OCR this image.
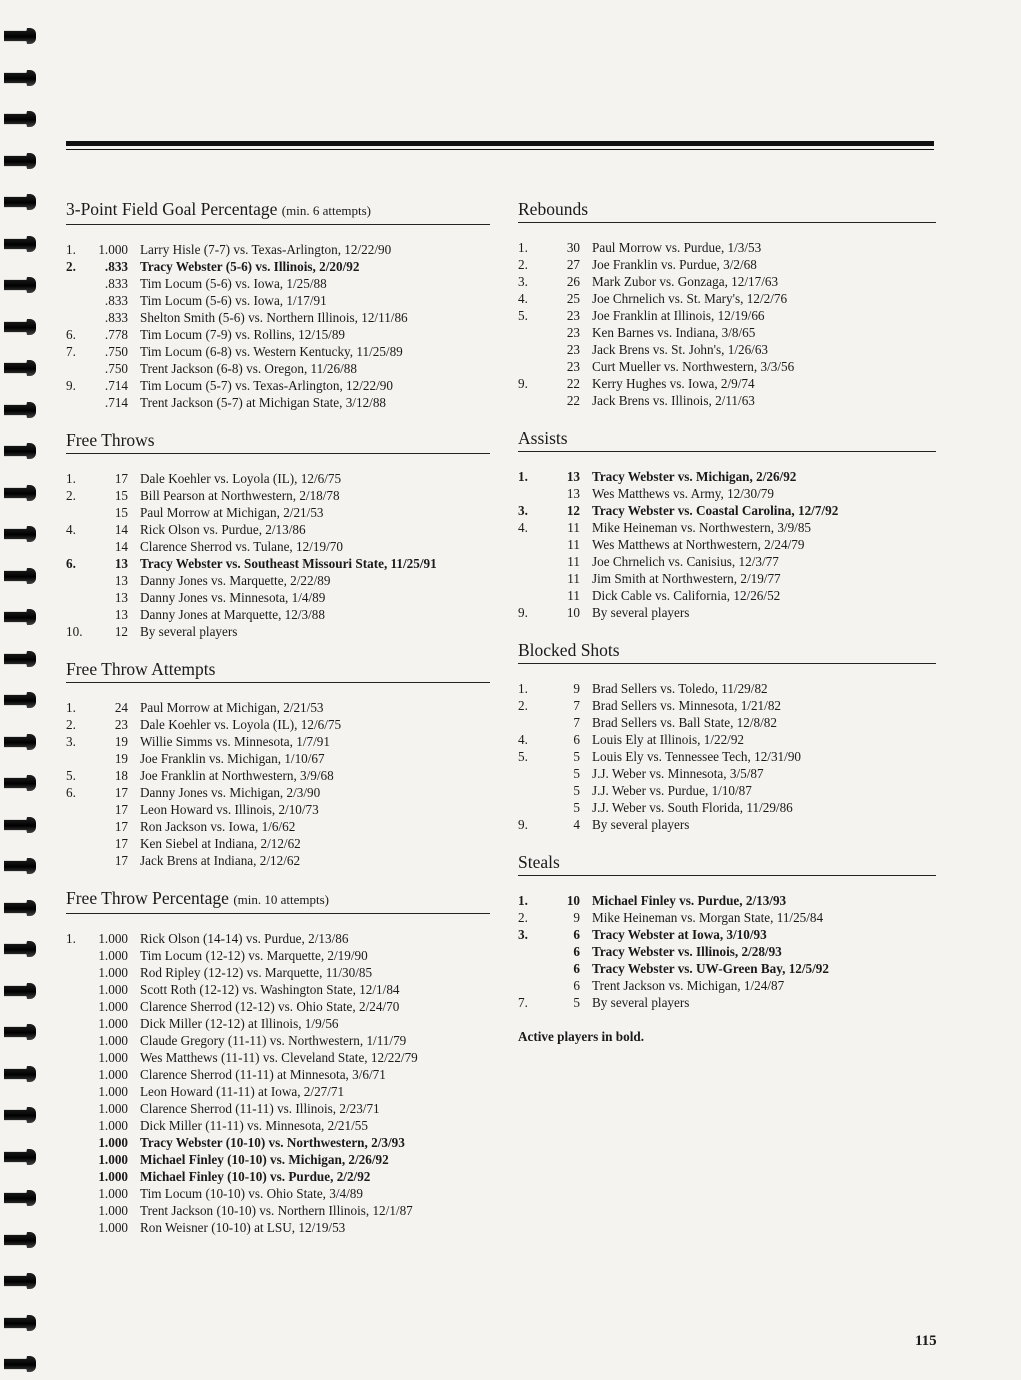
3-Point Field Goal Percentage (min. 6 attempts)
1.	1.000 Larry Hisle (7-7) vs. Texas-Arlington, 12/22/90
2.	.833 Tracy Webster (5-6) vs. Illinois, 2/20/92
.833 Tim Locum (5-6) vs. Iowa, 1/25/88
.833 Tim Locum (5-6) vs. Iowa, 1/17/91
.833 Shelton Smith (5-6) vs. Northern Illinois, 12/11/86
6.	.778 Tim Locum (7-9) vs. Rollins, 12/15/89
7.	.750 Tim Locum (6-8) vs. Western Kentucky, 11/25/89
.750 Trent Jackson (6-8) vs. Oregon, 11/26/88
9.	.714 Tim Locum (5-7) vs. Texas-Arlington, 12/22/90
.714 Trent Jackson (5-7) at Michigan State, 3/12/88
Free Throws
1.	17 Dale Koehler vs. Loyola (IL), 12/6/75
2.	15 Bill Pearson at Northwestern, 2/18/78
15 Paul Morrow at Michigan, 2/21/53
4.	14 Rick Olson vs. Purdue, 2/13/86
14 Clarence Sherrod vs. Tulane, 12/19/70
6.	13 Tracy Webster vs. Southeast Missouri State, 11/25/91
13 Danny Jones vs. Marquette, 2/22/89
13 Danny Jones vs. Minnesota, 1/4/89
13 Danny Jones at Marquette, 12/3/88
10.	12 By several players
Free Throw Attempts
1.	24 Paul Morrow at Michigan, 2/21/53
2.	23 Dale Koehler vs. Loyola (IL), 12/6/75
3.	19 Willie Simms vs. Minnesota, 1/7/91
19 Joe Franklin vs. Michigan, 1/10/67
5.	18 Joe Franklin at Northwestern, 3/9/68
6.	17 Danny Jones vs. Michigan, 2/3/90
17 Leon Howard vs. Illinois, 2/10/73
17 Ron Jackson vs. Iowa, 1/6/62
17 Ken Siebel at Indiana, 2/12/62
17 Jack Brens at Indiana, 2/12/62
Free Throw Percentage (min. 10 attempts)
1.	1.000 Rick Olson (14-14) vs. Purdue, 2/13/86
1.000 Tim Locum (12-12) vs. Marquette, 2/19/90
1.000 Rod Ripley (12-12) vs. Marquette, 11/30/85
1.000 Scott Roth (12-12) vs. Washington State, 12/1/84
1.000 Clarence Sherrod (12-12) vs. Ohio State, 2/24/70
1.000 Dick Miller (12-12) at Illinois, 1/9/56
1.000 Claude Gregory (11-11) vs. Northwestern, 1/11/79
1.000 Wes Matthews (11-11) vs. Cleveland State, 12/22/79
1.000 Clarence Sherrod (11-11) at Minnesota, 3/6/71
1.000 Leon Howard (11-11) at Iowa, 2/27/71
1.000 Clarence Sherrod (11-11) vs. Illinois, 2/23/71
1.000 Dick Miller (11-11) vs. Minnesota, 2/21/55
1.000 Tracy Webster (10-10) vs. Northwestern, 2/3/93
1.000 Michael Finley (10-10) vs. Michigan, 2/26/92
1.000 Michael Finley (10-10) vs. Purdue, 2/2/92
1.000 Tim Locum (10-10) vs. Ohio State, 3/4/89
1.000 Trent Jackson (10-10) vs. Northern Illinois, 12/1/87
1.000 Ron Weisner (10-10) at LSU, 12/19/53
Rebounds
1.	30 Paul Morrow vs. Purdue, 1/3/53
2.	27 Joe Franklin vs. Purdue, 3/2/68
3.	26 Mark Zubor vs. Gonzaga, 12/17/63
4.	25 Joe Chrnelich vs. St. Mary's, 12/2/76
5.	23 Joe Franklin at Illinois, 12/19/66
23 Ken Barnes vs. Indiana, 3/8/65
23 Jack Brens vs. St. John's, 1/26/63
23 Curt Mueller vs. Northwestern, 3/3/56
9.	22 Kerry Hughes vs. Iowa, 2/9/74
22 Jack Brens vs. Illinois, 2/11/63
Assists
1.	13 Tracy Webster vs. Michigan, 2/26/92
13 Wes Matthews vs. Army, 12/30/79
3.	12 Tracy Webster vs. Coastal Carolina, 12/7/92
4.	11 Mike Heineman vs. Northwestern, 3/9/85
11 Wes Matthews at Northwestern, 2/24/79
11 Joe Chrnelich vs. Canisius, 12/3/77
11 Jim Smith at Northwestern, 2/19/77
11 Dick Cable vs. California, 12/26/52
9.	10 By several players
Blocked Shots
1.	9 Brad Sellers vs. Toledo, 11/29/82
2.	7 Brad Sellers vs. Minnesota, 1/21/82
7 Brad Sellers vs. Ball State, 12/8/82
4.	6 Louis Ely at Illinois, 1/22/92
5.	5 Louis Ely vs. Tennessee Tech, 12/31/90
5 J.J. Weber vs. Minnesota, 3/5/87
5 J.J. Weber vs. Purdue, 1/10/87
5 J.J. Weber vs. South Florida, 11/29/86
9.	4 By several players
Steals
1.	10 Michael Finley vs. Purdue, 2/13/93
2.	9 Mike Heineman vs. Morgan State, 11/25/84
3.	6 Tracy Webster at Iowa, 3/10/93
6 Tracy Webster vs. Illinois, 2/28/93
6 Tracy Webster vs. UW-Green Bay, 12/5/92
6 Trent Jackson vs. Michigan, 1/24/87
7.	5 By several players
Active players in bold.
115
